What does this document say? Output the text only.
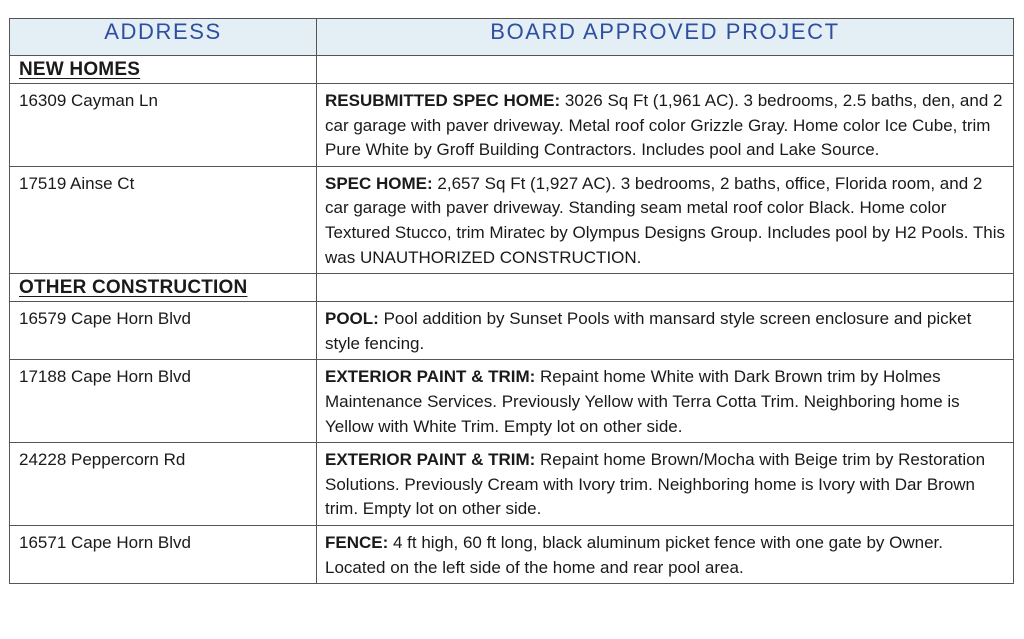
ADDRESS	BOARD APPROVED PROJECT
NEW HOMES	

16309 Cayman Ln	RESUBMITTED SPEC HOME: 3026 Sq Ft (1,961 AC). 3 bedrooms, 2.5 baths, den, and 2 car garage with paver driveway. Metal roof color Grizzle Gray. Home color Ice Cube, trim Pure White by Groff Building Contractors. Includes pool and Lake Source.

17519 Ainse Ct	SPEC HOME: 2,657 Sq Ft (1,927 AC). 3 bedrooms, 2 baths, office, Florida room, and 2 car garage with paver driveway. Standing seam metal roof color Black. Home color Textured Stucco, trim Miratec by Olympus Designs Group. Includes pool by H2 Pools. This was UNAUTHORIZED CONSTRUCTION.

OTHER CONSTRUCTION	

16579 Cape Horn Blvd	POOL: Pool addition by Sunset Pools with mansard style screen enclosure and picket style fencing.

17188 Cape Horn Blvd	EXTERIOR PAINT & TRIM: Repaint home White with Dark Brown trim by Holmes Maintenance Services. Previously Yellow with Terra Cotta Trim. Neighboring home is Yellow with White Trim. Empty lot on other side.

24228 Peppercorn Rd	EXTERIOR PAINT & TRIM: Repaint home Brown/Mocha with Beige trim by Restoration Solutions. Previously Cream with Ivory trim. Neighboring home is Ivory with Dar Brown trim. Empty lot on other side.

16571 Cape Horn Blvd	FENCE: 4 ft high, 60 ft long, black aluminum picket fence with one gate by Owner. Located on the left side of the home and rear pool area.
